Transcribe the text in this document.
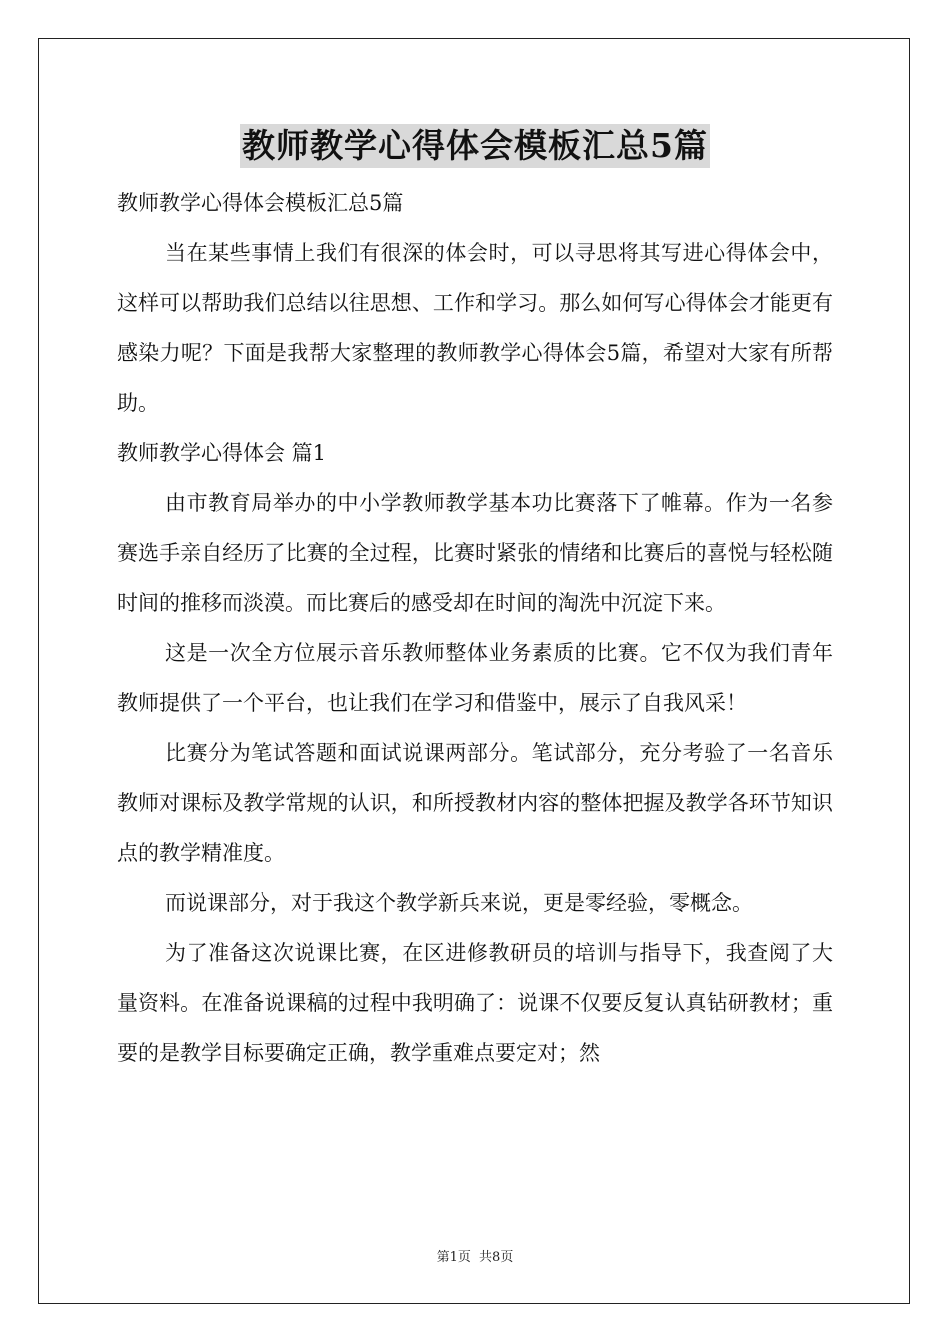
教师教学心得体会模板汇总5篇

教师教学心得体会模板汇总5篇

当在某些事情上我们有很深的体会时，可以寻思将其写进心得体会中，这样可以帮助我们总结以往思想、工作和学习。那么如何写心得体会才能更有感染力呢？下面是我帮大家整理的教师教学心得体会5篇，希望对大家有所帮助。

教师教学心得体会 篇1

由市教育局举办的中小学教师教学基本功比赛落下了帷幕。作为一名参赛选手亲自经历了比赛的全过程，比赛时紧张的情绪和比赛后的喜悦与轻松随时间的推移而淡漠。而比赛后的感受却在时间的淘洗中沉淀下来。

这是一次全方位展示音乐教师整体业务素质的比赛。它不仅为我们青年教师提供了一个平台，也让我们在学习和借鉴中，展示了自我风采！

比赛分为笔试答题和面试说课两部分。笔试部分，充分考验了一名音乐教师对课标及教学常规的认识，和所授教材内容的整体把握及教学各环节知识点的教学精准度。

而说课部分，对于我这个教学新兵来说，更是零经验，零概念。

为了准备这次说课比赛，在区进修教研员的培训与指导下，我查阅了大量资料。在准备说课稿的过程中我明确了：说课不仅要反复认真钻研教材；重要的是教学目标要确定正确，教学重难点要定对；然

第1页 共8页
